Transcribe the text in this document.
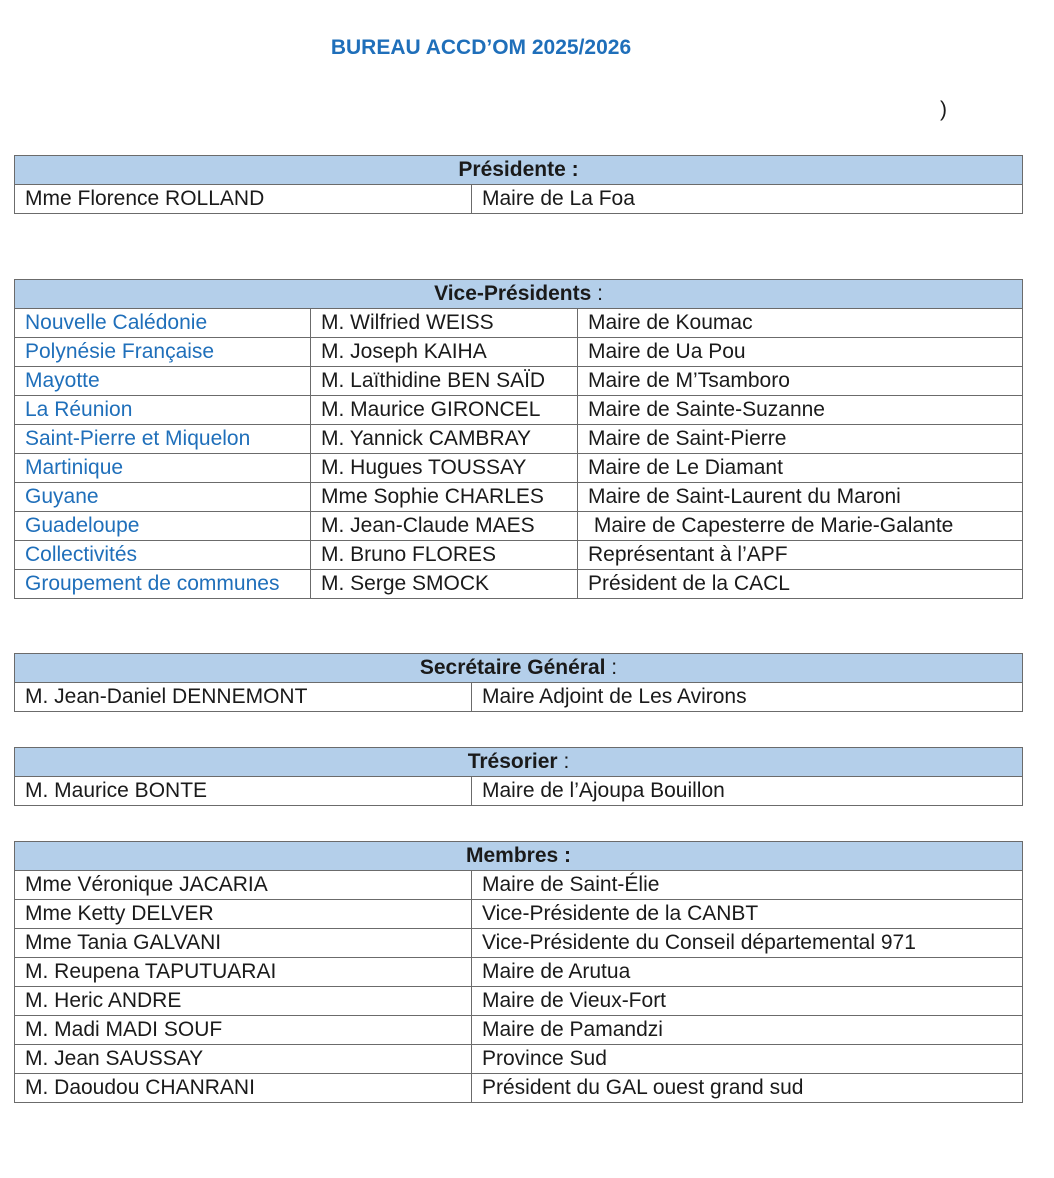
BUREAU ACCD’OM 2025/2026
)
Présidente :
Mme Florence ROLLAND	Maire de La Foa
Vice-Présidents :		
Nouvelle Calédonie	M. Wilfried WEISS	Maire de Koumac
Polynésie Française	M. Joseph KAIHA	Maire de Ua Pou
Mayotte	M. Laïthidine BEN SAÏD	Maire de M’Tsamboro
La Réunion	M. Maurice GIRONCEL	Maire de Sainte-Suzanne
Saint-Pierre et Miquelon	M. Yannick CAMBRAY	Maire de Saint-Pierre
Martinique	M. Hugues TOUSSAY	Maire de Le Diamant
Guyane	Mme Sophie CHARLES	Maire de Saint-Laurent du Maroni
Guadeloupe	M. Jean-Claude MAES	Maire de Capesterre de Marie-Galante
Collectivités	M. Bruno FLORES	Représentant à l’APF
Groupement de communes	M. Serge SMOCK	Président de la CACL
Secrétaire Général :
M. Jean-Daniel DENNEMONT	Maire Adjoint de Les Avirons
Trésorier :
M. Maurice BONTE	Maire de l’Ajoupa Bouillon
Membres :	
Mme Véronique JACARIA	Maire de Saint-Élie
Mme Ketty DELVER	Vice-Présidente de la CANBT
Mme Tania GALVANI	Vice-Présidente du Conseil départemental 971
M. Reupena TAPUTUARAI	Maire de Arutua
M. Heric ANDRE	Maire de Vieux-Fort
M. Madi MADI SOUF	Maire de Pamandzi
M. Jean SAUSSAY	Province Sud
M. Daoudou CHANRANI	Président du GAL ouest grand sud
